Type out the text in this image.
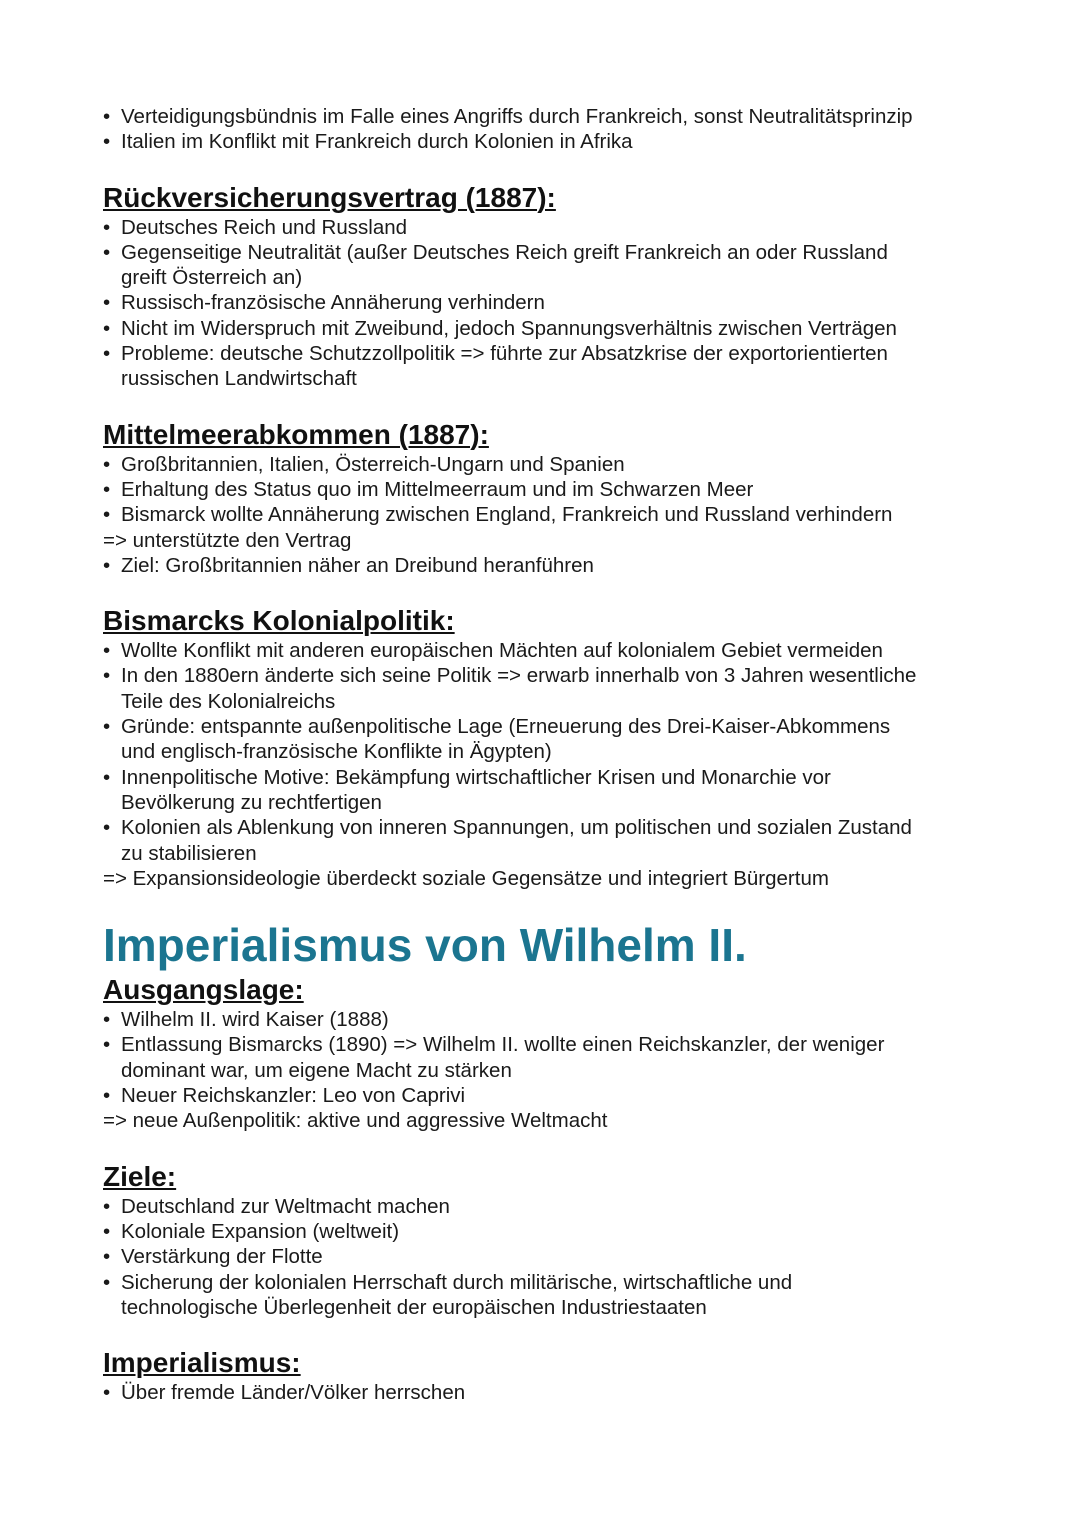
• Verteidigungsbündnis im Falle eines Angriffs durch Frankreich, sonst Neutralitätsprinzip
• Italien im Konflikt mit Frankreich durch Kolonien in Afrika
Rückversicherungsvertrag (1887):
• Deutsches Reich und Russland
• Gegenseitige Neutralität (außer Deutsches Reich greift Frankreich an oder Russland
greift Österreich an)
• Russisch-französische Annäherung verhindern
• Nicht im Widerspruch mit Zweibund, jedoch Spannungsverhältnis zwischen Verträgen
• Probleme: deutsche Schutzzollpolitik => führte zur Absatzkrise der exportorientierten
russischen Landwirtschaft
Mittelmeerabkommen (1887):
• Großbritannien, Italien, Österreich-Ungarn und Spanien
• Erhaltung des Status quo im Mittelmeerraum und im Schwarzen Meer
• Bismarck wollte Annäherung zwischen England, Frankreich und Russland verhindern
=> unterstützte den Vertrag
• Ziel: Großbritannien näher an Dreibund heranführen
Bismarcks Kolonialpolitik:
• Wollte Konflikt mit anderen europäischen Mächten auf kolonialem Gebiet vermeiden
• In den 1880ern änderte sich seine Politik => erwarb innerhalb von 3 Jahren wesentliche
Teile des Kolonialreichs
• Gründe: entspannte außenpolitische Lage (Erneuerung des Drei-Kaiser-Abkommens
und englisch-französische Konflikte in Ägypten)
• Innenpolitische Motive: Bekämpfung wirtschaftlicher Krisen und Monarchie vor
Bevölkerung zu rechtfertigen
• Kolonien als Ablenkung von inneren Spannungen, um politischen und sozialen Zustand
zu stabilisieren
=> Expansionsideologie überdeckt soziale Gegensätze und integriert Bürgertum
Imperialismus von Wilhelm II.
Ausgangslage:
• Wilhelm II. wird Kaiser (1888)
• Entlassung Bismarcks (1890) => Wilhelm II. wollte einen Reichskanzler, der weniger
dominant war, um eigene Macht zu stärken
• Neuer Reichskanzler: Leo von Caprivi
=> neue Außenpolitik: aktive und aggressive Weltmacht
Ziele:
• Deutschland zur Weltmacht machen
• Koloniale Expansion (weltweit)
• Verstärkung der Flotte
• Sicherung der kolonialen Herrschaft durch militärische, wirtschaftliche und
technologische Überlegenheit der europäischen Industriestaaten
Imperialismus:
• Über fremde Länder/Völker herrschen
